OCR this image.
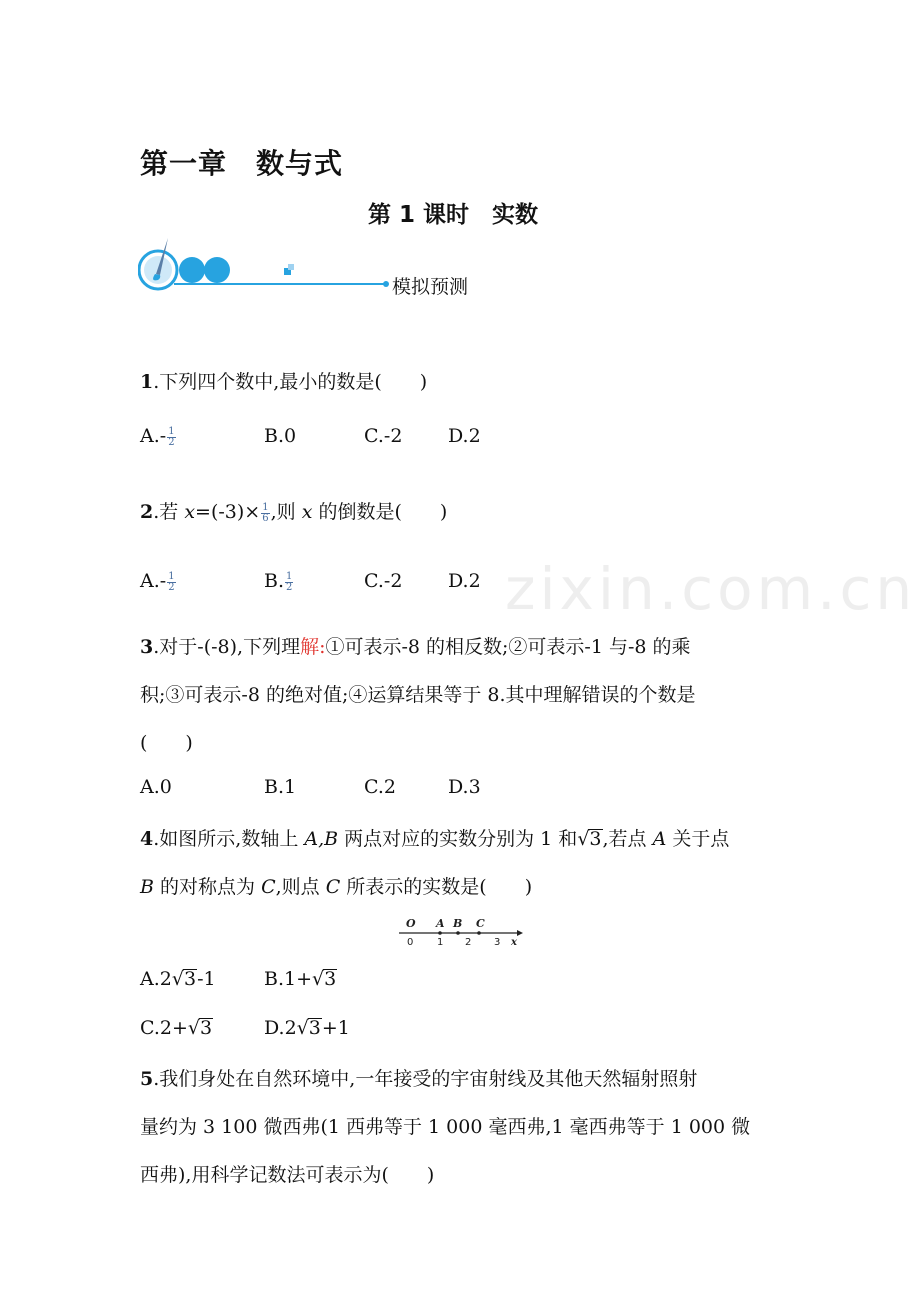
zixin.com.cn
第一章　数与式
第 1 课时　实数
模拟预测
1.下列四个数中,最小的数是(　　)
$A.- \frac{1}{2}$	B.0	C.-2 D.2
2.若 $x=(-3)\times \frac{1}{6}$ ,则 x 的倒数是(　　)
$A.- \frac{1}{2}$	B. $\frac{1}{2}$	C.-2 D.2
3.对于-(-8),下列理解:①可表示-8 的相反数;②可表示-1 与-8 的乘
积;③可表示-8 的绝对值;④运算结果等于 8.其中理解错误的个数是
(　　)
A.0	B.1	C.2	D.3
4.如图所示,数轴上 A,B 两点对应的实数分别为 1 和√3,若点 A 关于点
B 的对称点为 C,则点 C 所表示的实数是(　　)
O A B C
x
0 1 2 3
A.2√3-1	B.1+√3
C.2+√3	D.2√3+1
5.我们身处在自然环境中,一年接受的宇宙射线及其他天然辐射照射
量约为 3 100 微西弗(1 西弗等于 1 000 毫西弗,1 毫西弗等于 1 000 微
西弗),用科学记数法可表示为(　　)
